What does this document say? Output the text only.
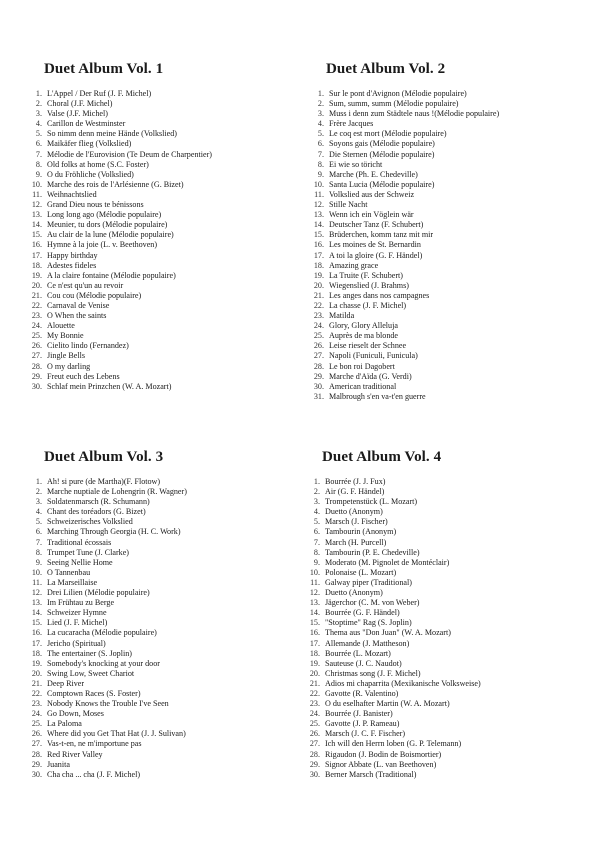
Duet Album Vol. 1
1. L'Appel / Der Ruf (J. F. Michel)
2. Choral (J.F. Michel)
3. Valse (J.F. Michel)
4. Carillon de Westminster
5. So nimm denn meine Hände (Volkslied)
6. Maikäfer flieg (Volkslied)
7. Mélodie de l'Eurovision (Te Deum de Charpentier)
8. Old folks at home (S.C. Foster)
9. O du Fröhliche (Volkslied)
10. Marche des rois de l'Arlésienne (G. Bizet)
11. Weihnachtslied
12. Grand Dieu nous te bénissons
13. Long long ago (Mélodie populaire)
14. Meunier, tu dors (Mélodie populaire)
15. Au clair de la lune (Mélodie populaire)
16. Hymne à la joie (L. v. Beethoven)
17. Happy birthday
18. Adestes fideles
19. A la claire fontaine (Mélodie populaire)
20. Ce n'est qu'un au revoir
21. Cou cou (Mélodie populaire)
22. Carnaval de Venise
23. O When the saints
24. Alouette
25. My Bonnie
26. Cielito lindo (Fernandez)
27. Jingle Bells
28. O my darling
29. Freut euch des Lebens
30. Schlaf mein Prinzchen (W. A. Mozart)
Duet Album Vol. 2
1. Sur le pont d'Avignon (Mélodie populaire)
2. Sum, summ, summ (Mélodie populaire)
3. Muss i denn zum Städtele naus !(Mélodie populaire)
4. Frère Jacques
5. Le coq est mort (Mélodie populaire)
6. Soyons gais (Mélodie populaire)
7. Die Sternen (Mélodie populaire)
8. Ei wie so töricht
9. Marche (Ph. E. Chedeville)
10. Santa Lucia (Mélodie populaire)
11. Volkslied aus der Schweiz
12. Stille Nacht
13. Wenn ich ein Vöglein wär
14. Deutscher Tanz (F. Schubert)
15. Brüderchen, komm tanz mit mir
16. Les moines de St. Bernardin
17. A toi la gloire (G. F. Händel)
18. Amazing grace
19. La Truite (F. Schubert)
20. Wiegenslied (J. Brahms)
21. Les anges dans nos campagnes
22. La chasse (J. F. Michel)
23. Matilda
24. Glory, Glory Alleluja
25. Auprès de ma blonde
26. Leise rieselt der Schnee
27. Napoli (Funiculi, Funicula)
28. Le bon roi Dagobert
29. Marche d'Aïda (G. Verdi)
30. American traditional
31. Malbrough s'en va-t'en guerre
Duet Album Vol. 3
1. Ah! si pure (de Martha)(F. Flotow)
2. Marche nuptiale de Lohengrin (R. Wagner)
3. Soldatenmarsch (R. Schumann)
4. Chant des toréadors (G. Bizet)
5. Schweizerisches Volkslied
6. Marching Through Georgia (H. C. Work)
7. Traditional écossais
8. Trumpet Tune (J. Clarke)
9. Seeing Nellie Home
10. O Tannenbau
11. La Marseillaise
12. Drei Lilien (Mélodie populaire)
13. Im Frühtau zu Berge
14. Schweizer Hymne
15. Lied (J. F. Michel)
16. La cucaracha (Mélodie populaire)
17. Jericho (Spiritual)
18. The entertainer (S. Joplin)
19. Somebody's knocking at your door
20. Swing Low, Sweet Chariot
21. Deep River
22. Comptown Races (S. Foster)
23. Nobody Knows the Trouble I've Seen
24. Go Down, Moses
25. La Paloma
26. Where did you Get That Hat (J. J. Sulivan)
27. Vas-t-en, ne m'importune pas
28. Red River Valley
29. Juanita
30. Cha cha ... cha (J. F. Michel)
Duet Album Vol. 4
1. Bourrée (J. J. Fux)
2. Air (G. F. Händel)
3. Trompetenstück (L. Mozart)
4. Duetto (Anonym)
5. Marsch (J. Fischer)
6. Tambourin (Anonym)
7. March (H. Purcell)
8. Tambourin (P. E. Chedeville)
9. Moderato (M. Pignolet de Montéclair)
10. Polonaise (L. Mozart)
11. Galway piper (Traditional)
12. Duetto (Anonym)
13. Jägerchor (C. M. von Weber)
14. Bourrée (G. F. Händel)
15. "Stoptime" Rag (S. Joplin)
16. Thema aus "Don Juan" (W. A. Mozart)
17. Allemande (J. Mattheson)
18. Bourrée (L. Mozart)
19. Sauteuse (J. C. Naudot)
20. Christmas song (J. F. Michel)
21. Adios mi chaparrita (Mexikanische Volksweise)
22. Gavotte (R. Valentino)
23. O du eselhafter Martin (W. A. Mozart)
24. Bourrée (J. Banister)
25. Gavotte (J. P. Rameau)
26. Marsch (J. C. F. Fischer)
27. Ich will den Herrn loben (G. P. Telemann)
28. Rigaudon (J. Bodin de Boismortier)
29. Signor Abbate (L. van Beethoven)
30. Berner Marsch (Traditional)
